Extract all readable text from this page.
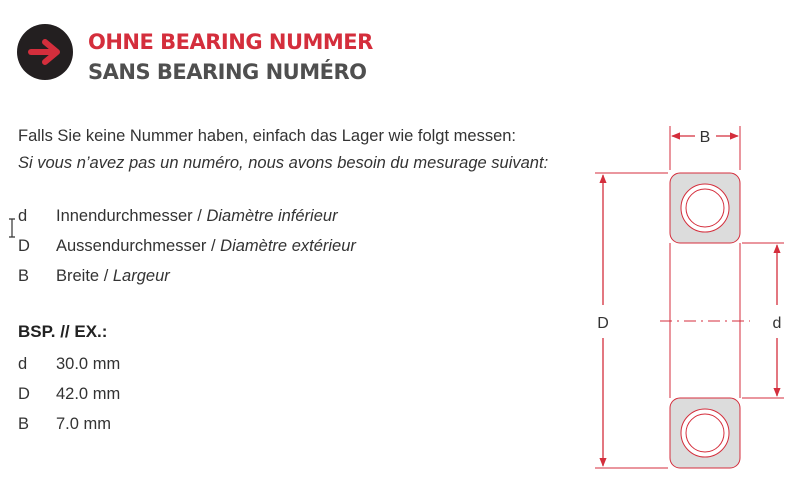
OHNE BEARING NUMMER
SANS BEARING NUMÉRO
Falls Sie keine Nummer haben, einfach das Lager wie folgt messen:
Si vous n’avez pas un numéro, nous avons besoin du mesurage suivant:
d Innendurchmesser / Diamètre inférieur
D Aussendurchmesser / Diamètre extérieur
B Breite / Largeur
BSP. // EX.:
d 30.0 mm
D 42.0 mm
B 7.0 mm
B
D	d
